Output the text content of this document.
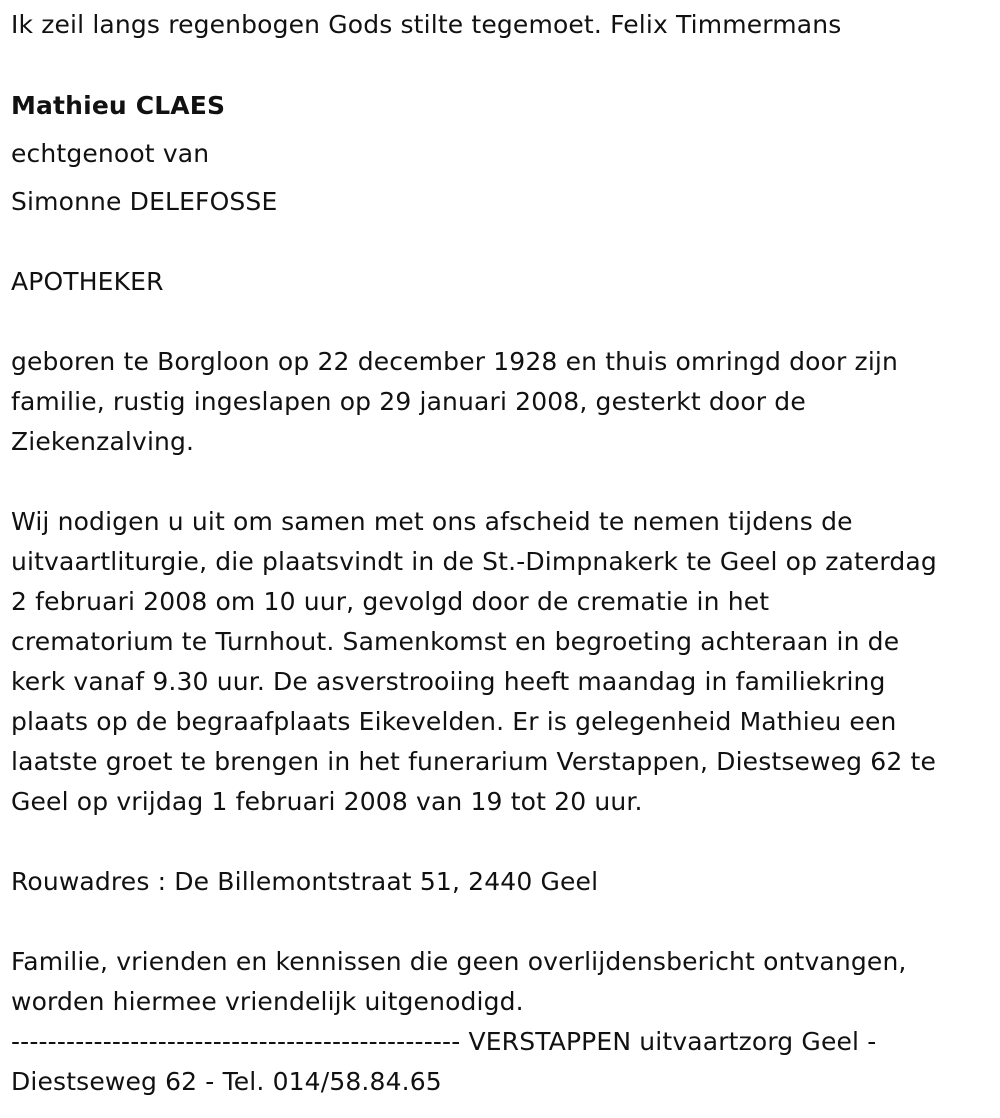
Ik zeil langs regenbogen Gods stilte tegemoet. Felix Timmermans

Mathieu CLAES

echtgenoot van

Simonne DELEFOSSE

APOTHEKER

geboren te Borgloon op 22 december 1928 en thuis omringd door zijn
familie, rustig ingeslapen op 29 januari 2008, gesterkt door de
Ziekenzalving.
Wij nodigen u uit om samen met ons afscheid te nemen tijdens de
uitvaartliturgie, die plaatsvindt in de St.-Dimpnakerk te Geel op zaterdag
2 februari 2008 om 10 uur, gevolgd door de crematie in het
crematorium te Turnhout. Samenkomst en begroeting achteraan in de
kerk vanaf 9.30 uur. De asverstrooiing heeft maandag in familiekring
plaats op de begraafplaats Eikevelden. Er is gelegenheid Mathieu een
laatste groet te brengen in het funerarium Verstappen, Diestseweg 62 te
Geel op vrijdag 1 februari 2008 van 19 tot 20 uur.

Rouwadres : De Billemontstraat 51, 2440 Geel

Familie, vrienden en kennissen die geen overlijdensbericht ontvangen,
worden hiermee vriendelijk uitgenodigd.
------------------------------------------------- VERSTAPPEN uitvaartzorg Geel -
Diestseweg 62 - Tel. 014/58.84.65
